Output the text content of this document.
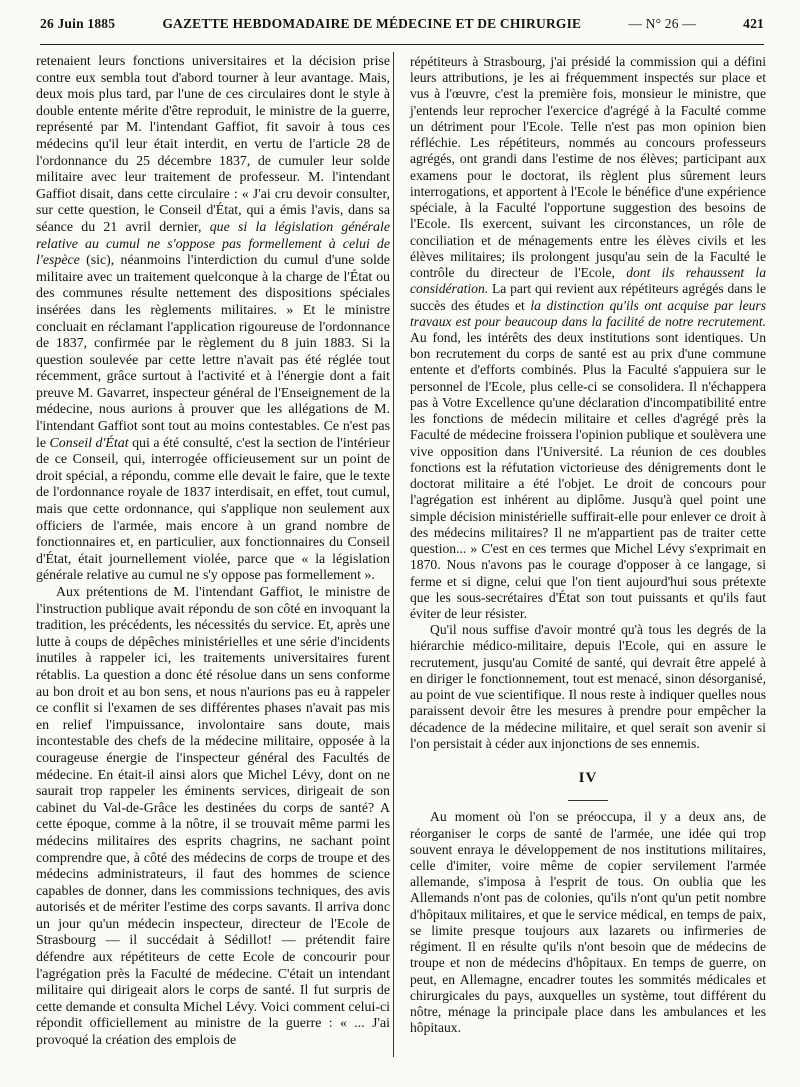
26 Juin 1885	GAZETTE HEBDOMADAIRE DE MÉDECINE ET DE CHIRURGIE	— N° 26 —	421

retenaient leurs fonctions universitaires et la décision prise contre eux sembla tout d'abord tourner à leur avantage. Mais, deux mois plus tard, par l'une de ces circulaires dont le style à double entente mérite d'être reproduit, le ministre de la guerre, représenté par M. l'intendant Gaffiot, fit savoir à tous ces médecins qu'il leur était interdit, en vertu de l'article 28 de l'ordonnance du 25 décembre 1837, de cumuler leur solde militaire avec leur traitement de professeur. M. l'intendant Gaffiot disait, dans cette circulaire : « J'ai cru devoir consulter, sur cette question, le Conseil d'État, qui a émis l'avis, dans sa séance du 21 avril dernier, que si la législation générale relative au cumul ne s'oppose pas formellement à celui de l'espèce (sic), néanmoins l'interdiction du cumul d'une solde militaire avec un traitement quelconque à la charge de l'État ou des communes résulte nettement des dispositions spéciales insérées dans les règlements militaires. » Et le ministre concluait en réclamant l'application rigoureuse de l'ordonnance de 1837, confirmée par le règlement du 8 juin 1883. Si la question soulevée par cette lettre n'avait pas été réglée tout récemment, grâce surtout à l'activité et à l'énergie dont a fait preuve M. Gavarret, inspecteur général de l'Enseignement de la médecine, nous aurions à prouver que les allégations de M. l'intendant Gaffiot sont tout au moins contestables. Ce n'est pas le Conseil d'État qui a été consulté, c'est la section de l'intérieur de ce Conseil, qui, interrogée officieusement sur un point de droit spécial, a répondu, comme elle devait le faire, que le texte de l'ordonnance royale de 1837 interdisait, en effet, tout cumul, mais que cette ordonnance, qui s'applique non seulement aux officiers de l'armée, mais encore à un grand nombre de fonctionnaires et, en particulier, aux fonctionnaires du Conseil d'État, était journellement violée, parce que « la législation générale relative au cumul ne s'y oppose pas formellement ».

Aux prétentions de M. l'intendant Gaffiot, le ministre de l'instruction publique avait répondu de son côté en invoquant la tradition, les précédents, les nécessités du service. Et, après une lutte à coups de dépêches ministérielles et une série d'incidents inutiles à rappeler ici, les traitements universitaires furent rétablis. La question a donc été résolue dans un sens conforme au bon droit et au bon sens, et nous n'aurions pas eu à rappeler ce conflit si l'examen de ses différentes phases n'avait pas mis en relief l'impuissance, involontaire sans doute, mais incontestable des chefs de la médecine militaire, opposée à la courageuse énergie de l'inspecteur général des Facultés de médecine. En était-il ainsi alors que Michel Lévy, dont on ne saurait trop rappeler les éminents services, dirigeait de son cabinet du Val-de-Grâce les destinées du corps de santé? A cette époque, comme à la nôtre, il se trouvait même parmi les médecins militaires des esprits chagrins, ne sachant point comprendre que, à côté des médecins de corps de troupe et des médecins administrateurs, il faut des hommes de science capables de donner, dans les commissions techniques, des avis autorisés et de mériter l'estime des corps savants. Il arriva donc un jour qu'un médecin inspecteur, directeur de l'Ecole de Strasbourg — il succédait à Sédillot! — prétendit faire défendre aux répétiteurs de cette Ecole de concourir pour l'agrégation près la Faculté de médecine. C'était un intendant militaire qui dirigeait alors le corps de santé. Il fut surpris de cette demande et consulta Michel Lévy. Voici comment celui-ci répondit officiellement au ministre de la guerre : « ... J'ai provoqué la création des emplois de

répétiteurs à Strasbourg, j'ai présidé la commission qui a défini leurs attributions, je les ai fréquemment inspectés sur place et vus à l'œuvre, c'est la première fois, monsieur le ministre, que j'entends leur reprocher l'exercice d'agrégé à la Faculté comme un détriment pour l'Ecole. Telle n'est pas mon opinion bien réfléchie. Les répétiteurs, nommés au concours professeurs agrégés, ont grandi dans l'estime de nos élèves; participant aux examens pour le doctorat, ils règlent plus sûrement leurs interrogations, et apportent à l'Ecole le bénéfice d'une expérience spéciale, à la Faculté l'opportune suggestion des besoins de l'Ecole. Ils exercent, suivant les circonstances, un rôle de conciliation et de ménagements entre les élèves civils et les élèves militaires; ils prolongent jusqu'au sein de la Faculté le contrôle du directeur de l'Ecole, dont ils rehaussent la considération. La part qui revient aux répétiteurs agrégés dans le succès des études et la distinction qu'ils ont acquise par leurs travaux est pour beaucoup dans la facilité de notre recrutement. Au fond, les intérêts des deux institutions sont identiques. Un bon recrutement du corps de santé est au prix d'une commune entente et d'efforts combinés. Plus la Faculté s'appuiera sur le personnel de l'Ecole, plus celle-ci se consolidera. Il n'échappera pas à Votre Excellence qu'une déclaration d'incompatibilité entre les fonctions de médecin militaire et celles d'agrégé près la Faculté de médecine froissera l'opinion publique et soulèvera une vive opposition dans l'Université. La réunion de ces doubles fonctions est la réfutation victorieuse des dénigrements dont le doctorat militaire a été l'objet. Le droit de concours pour l'agrégation est inhérent au diplôme. Jusqu'à quel point une simple décision ministérielle suffirait-elle pour enlever ce droit à des médecins militaires? Il ne m'appartient pas de traiter cette question... » C'est en ces termes que Michel Lévy s'exprimait en 1870. Nous n'avons pas le courage d'opposer à ce langage, si ferme et si digne, celui que l'on tient aujourd'hui sous prétexte que les sous-secrétaires d'État son tout puissants et qu'ils faut éviter de leur résister.

Qu'il nous suffise d'avoir montré qu'à tous les degrés de la hiérarchie médico-militaire, depuis l'Ecole, qui en assure le recrutement, jusqu'au Comité de santé, qui devrait être appelé à en diriger le fonctionnement, tout est menacé, sinon désorganisé, au point de vue scientifique. Il nous reste à indiquer quelles nous paraissent devoir être les mesures à prendre pour empêcher la décadence de la médecine militaire, et quel serait son avenir si l'on persistait à céder aux injonctions de ses ennemis.

IV

Au moment où l'on se préoccupa, il y a deux ans, de réorganiser le corps de santé de l'armée, une idée qui trop souvent enraya le développement de nos institutions militaires, celle d'imiter, voire même de copier servilement l'armée allemande, s'imposa à l'esprit de tous. On oublia que les Allemands n'ont pas de colonies, qu'ils n'ont qu'un petit nombre d'hôpitaux militaires, et que le service médical, en temps de paix, se limite presque toujours aux lazarets ou infirmeries de régiment. Il en résulte qu'ils n'ont besoin que de médecins de troupe et non de médecins d'hôpitaux. En temps de guerre, on peut, en Allemagne, encadrer toutes les sommités médicales et chirurgicales du pays, auxquelles un système, tout différent du nôtre, ménage la principale place dans les ambulances et les hôpitaux.
